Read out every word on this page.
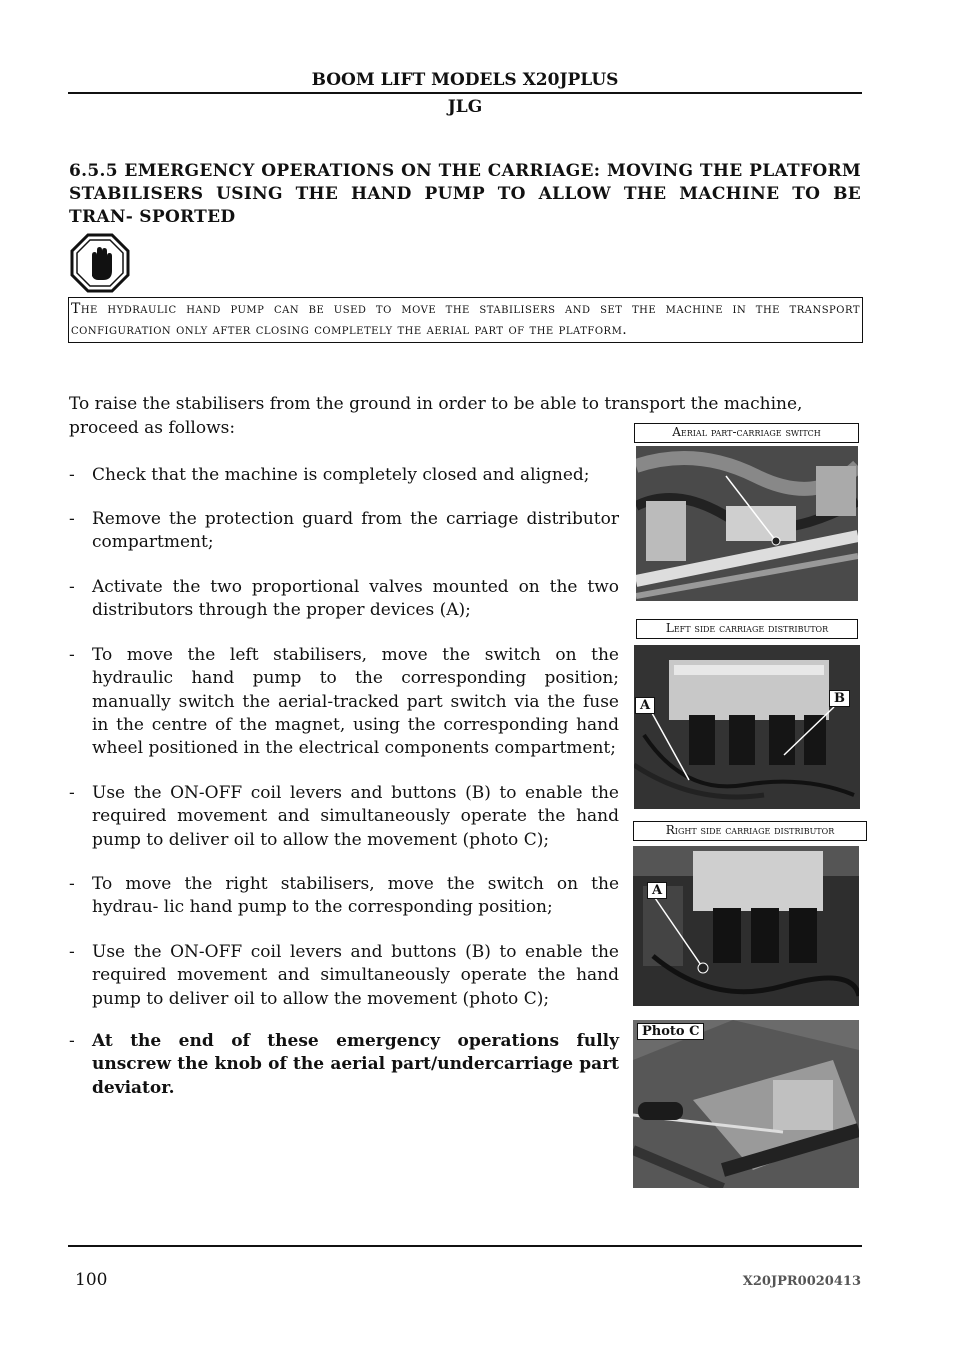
BOOM LIFT MODELS X20JPLUS
JLG
6.5.5 EMERGENCY OPERATIONS ON THE CARRIAGE: MOVING THE PLATFORM STABILISERS USING THE HAND PUMP TO ALLOW THE MACHINE TO BE TRAN- SPORTED
The hydraulic hand pump can be used to move the stabilisers and set the machine in the transport configuration only after closing completely the aerial part of the platform.
To raise the stabilisers from the ground in order to be able to transport the machine, proceed as follows:
- Check that the machine is completely closed and aligned;
- Remove the protection guard from the carriage distributor compartment;
- Activate the two proportional valves mounted on the two distributors through the proper devices (A);
- To move the left stabilisers, move the switch on the hydraulic hand pump to the corresponding position; manually switch the aerial-tracked part switch via the fuse in the centre of the magnet, using the corresponding hand wheel positioned in the electrical components compartment;
- Use the ON-OFF coil levers and buttons (B) to enable the required movement and simultaneously operate the hand pump to deliver oil to allow the movement (photo C);
- To move the right stabilisers, move the switch on the hydrau- lic hand pump to the corresponding position;
- Use the ON-OFF coil levers and buttons (B) to enable the required movement and simultaneously operate the hand pump to deliver oil to allow the movement (photo C);
- At the end of these emergency operations fully unscrew the knob of the aerial part/undercarriage part deviator.
Aerial part-carriage switch
Left side carriage distributor
A	B
Right side carriage distributor
A
Photo C
100	X20JPR0020413
